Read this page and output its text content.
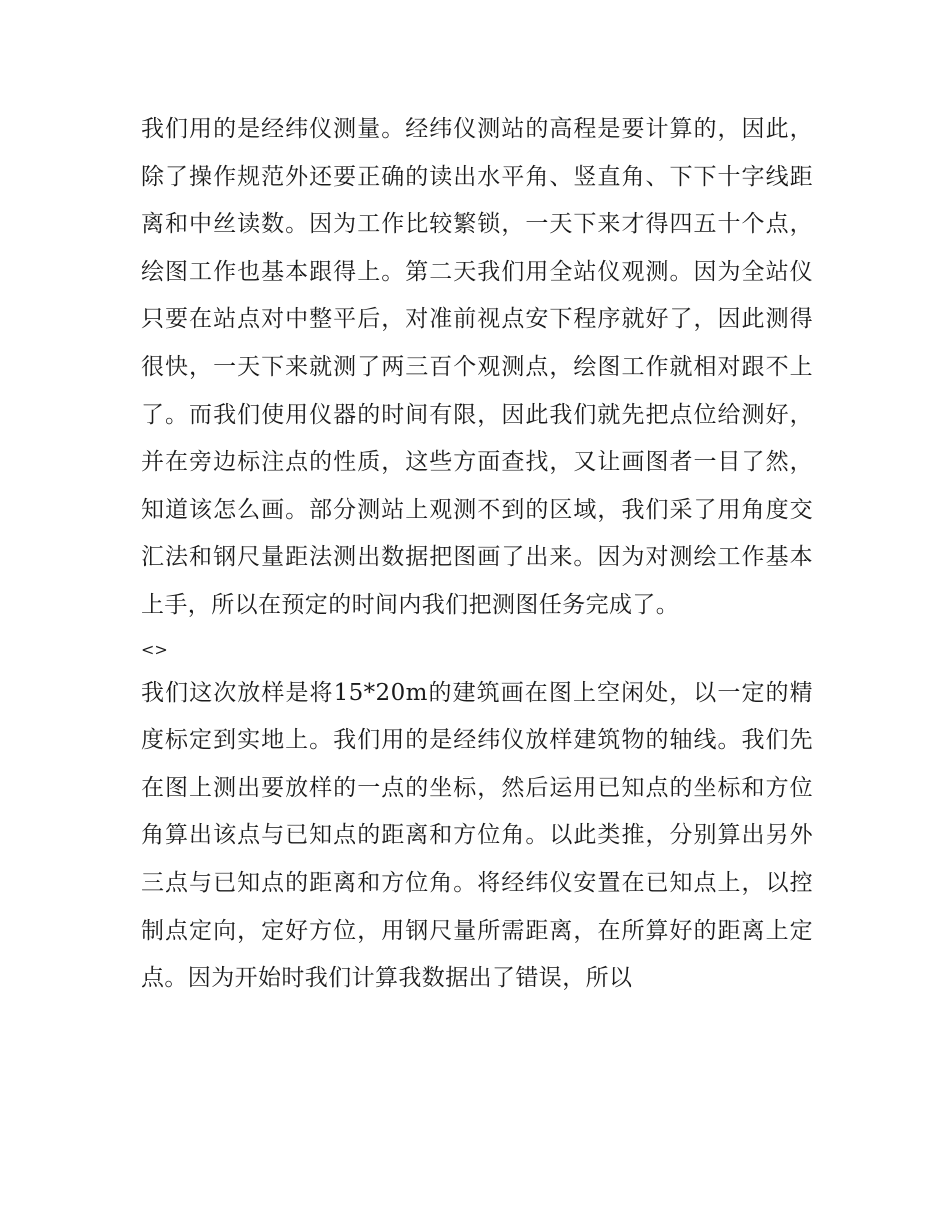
我们用的是经纬仪测量。经纬仪测站的高程是要计算的，因此，除了操作规范外还要正确的读出水平角、竖直角、下下十字线距离和中丝读数。因为工作比较繁锁，一天下来才得四五十个点，绘图工作也基本跟得上。第二天我们用全站仪观测。因为全站仪只要在站点对中整平后，对准前视点安下程序就好了，因此测得很快，一天下来就测了两三百个观测点，绘图工作就相对跟不上了。而我们使用仪器的时间有限，因此我们就先把点位给测好，并在旁边标注点的性质，这些方面查找，又让画图者一目了然，知道该怎么画。部分测站上观测不到的区域，我们采了用角度交汇法和钢尺量距法测出数据把图画了出来。因为对测绘工作基本上手，所以在预定的时间内我们把测图任务完成了。

<>

我们这次放样是将15*20m的建筑画在图上空闲处，以一定的精度标定到实地上。我们用的是经纬仪放样建筑物的轴线。我们先在图上测出要放样的一点的坐标，然后运用已知点的坐标和方位角算出该点与已知点的距离和方位角。以此类推，分别算出另外三点与已知点的距离和方位角。将经纬仪安置在已知点上，以控制点定向，定好方位，用钢尺量所需距离，在所算好的距离上定点。因为开始时我们计算我数据出了错误，所以
